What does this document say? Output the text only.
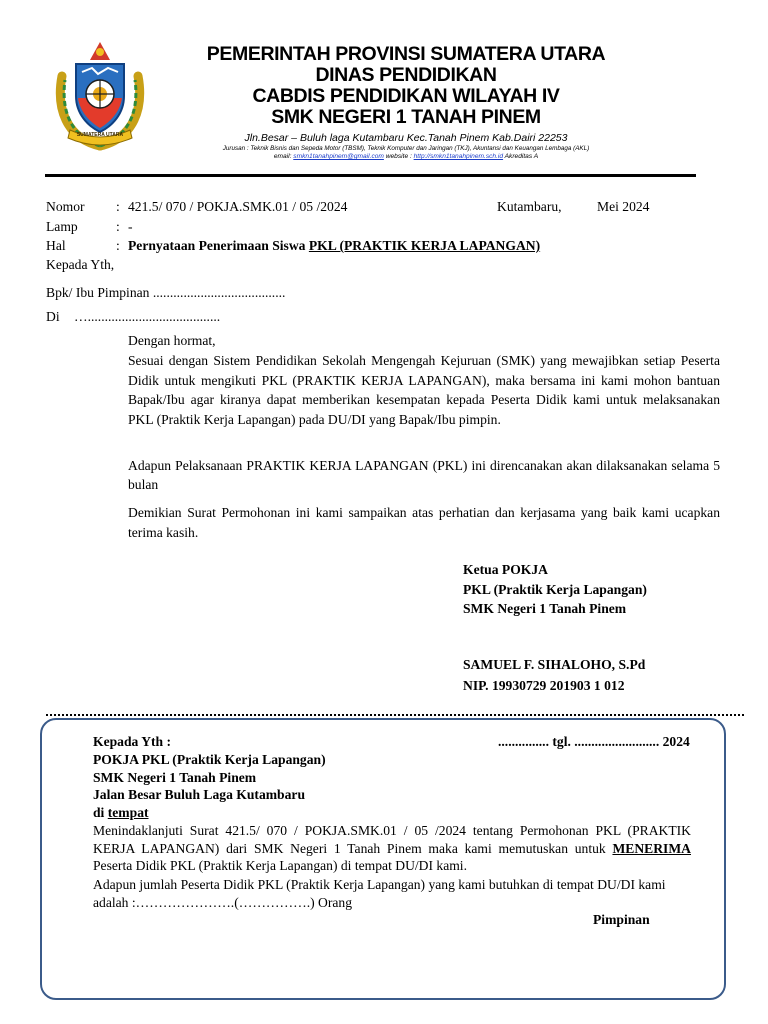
SUMATERA UTARA
PEMERINTAH PROVINSI SUMATERA UTARA
DINAS PENDIDIKAN
CABDIS PENDIDIKAN WILAYAH IV
SMK NEGERI 1 TANAH PINEM
Jln.Besar – Buluh laga Kutambaru Kec.Tanah Pinem Kab.Dairi 22253
Jurusan : Teknik Bisnis dan Sepeda Motor (TBSM), Teknik Komputer dan Jaringan (TKJ), Akuntansi dan Keuangan Lembaga (AKL)
email: smkn1tanahpinem@gmail.com website : http://smkn1tanahpinem.sch.id Akreditas A
Nomor : 421.5/ 070 / POKJA.SMK.01 / 05 /2024	Kutambaru,	Mei 2024
Lamp	: -
Hal	: Pernyataan Penerimaan Siswa PKL (PRAKTIK KERJA LAPANGAN)
Kepada Yth,
Bpk/ Ibu Pimpinan .......................................
Di ….......................................
Dengan hormat,
Sesuai dengan Sistem Pendidikan Sekolah Mengengah Kejuruan (SMK) yang mewajibkan setiap Peserta Didik untuk mengikuti PKL (PRAKTIK KERJA LAPANGAN), maka bersama ini kami mohon bantuan Bapak/Ibu agar kiranya dapat memberikan kesempatan kepada Peserta Didik kami untuk melaksanakan PKL (Praktik Kerja Lapangan) pada DU/DI yang Bapak/Ibu pimpin.
Adapun Pelaksanaan PRAKTIK KERJA LAPANGAN (PKL) ini direncanakan akan dilaksanakan selama 5 bulan
Demikian Surat Permohonan ini kami sampaikan atas perhatian dan kerjasama yang baik kami ucapkan terima kasih.
Ketua POKJA
PKL (Praktik Kerja Lapangan)
SMK Negeri 1 Tanah Pinem
SAMUEL F. SIHALOHO, S.Pd
NIP. 19930729 201903 1 012
Kepada Yth :	............... tgl. ......................... 2024
POKJA PKL (Praktik Kerja Lapangan)
SMK Negeri 1 Tanah Pinem
Jalan Besar Buluh Laga Kutambaru
di tempat
Menindaklanjuti Surat 421.5/ 070 / POKJA.SMK.01 / 05 /2024 tentang Permohonan PKL (PRAKTIK KERJA LAPANGAN) dari SMK Negeri 1 Tanah Pinem maka kami memutuskan untuk MENERIMA Peserta Didik PKL (Praktik Kerja Lapangan) di tempat DU/DI kami.
Adapun jumlah Peserta Didik PKL (Praktik Kerja Lapangan) yang kami butuhkan di tempat DU/DI kami adalah :………………….(…………….) Orang
Pimpinan
